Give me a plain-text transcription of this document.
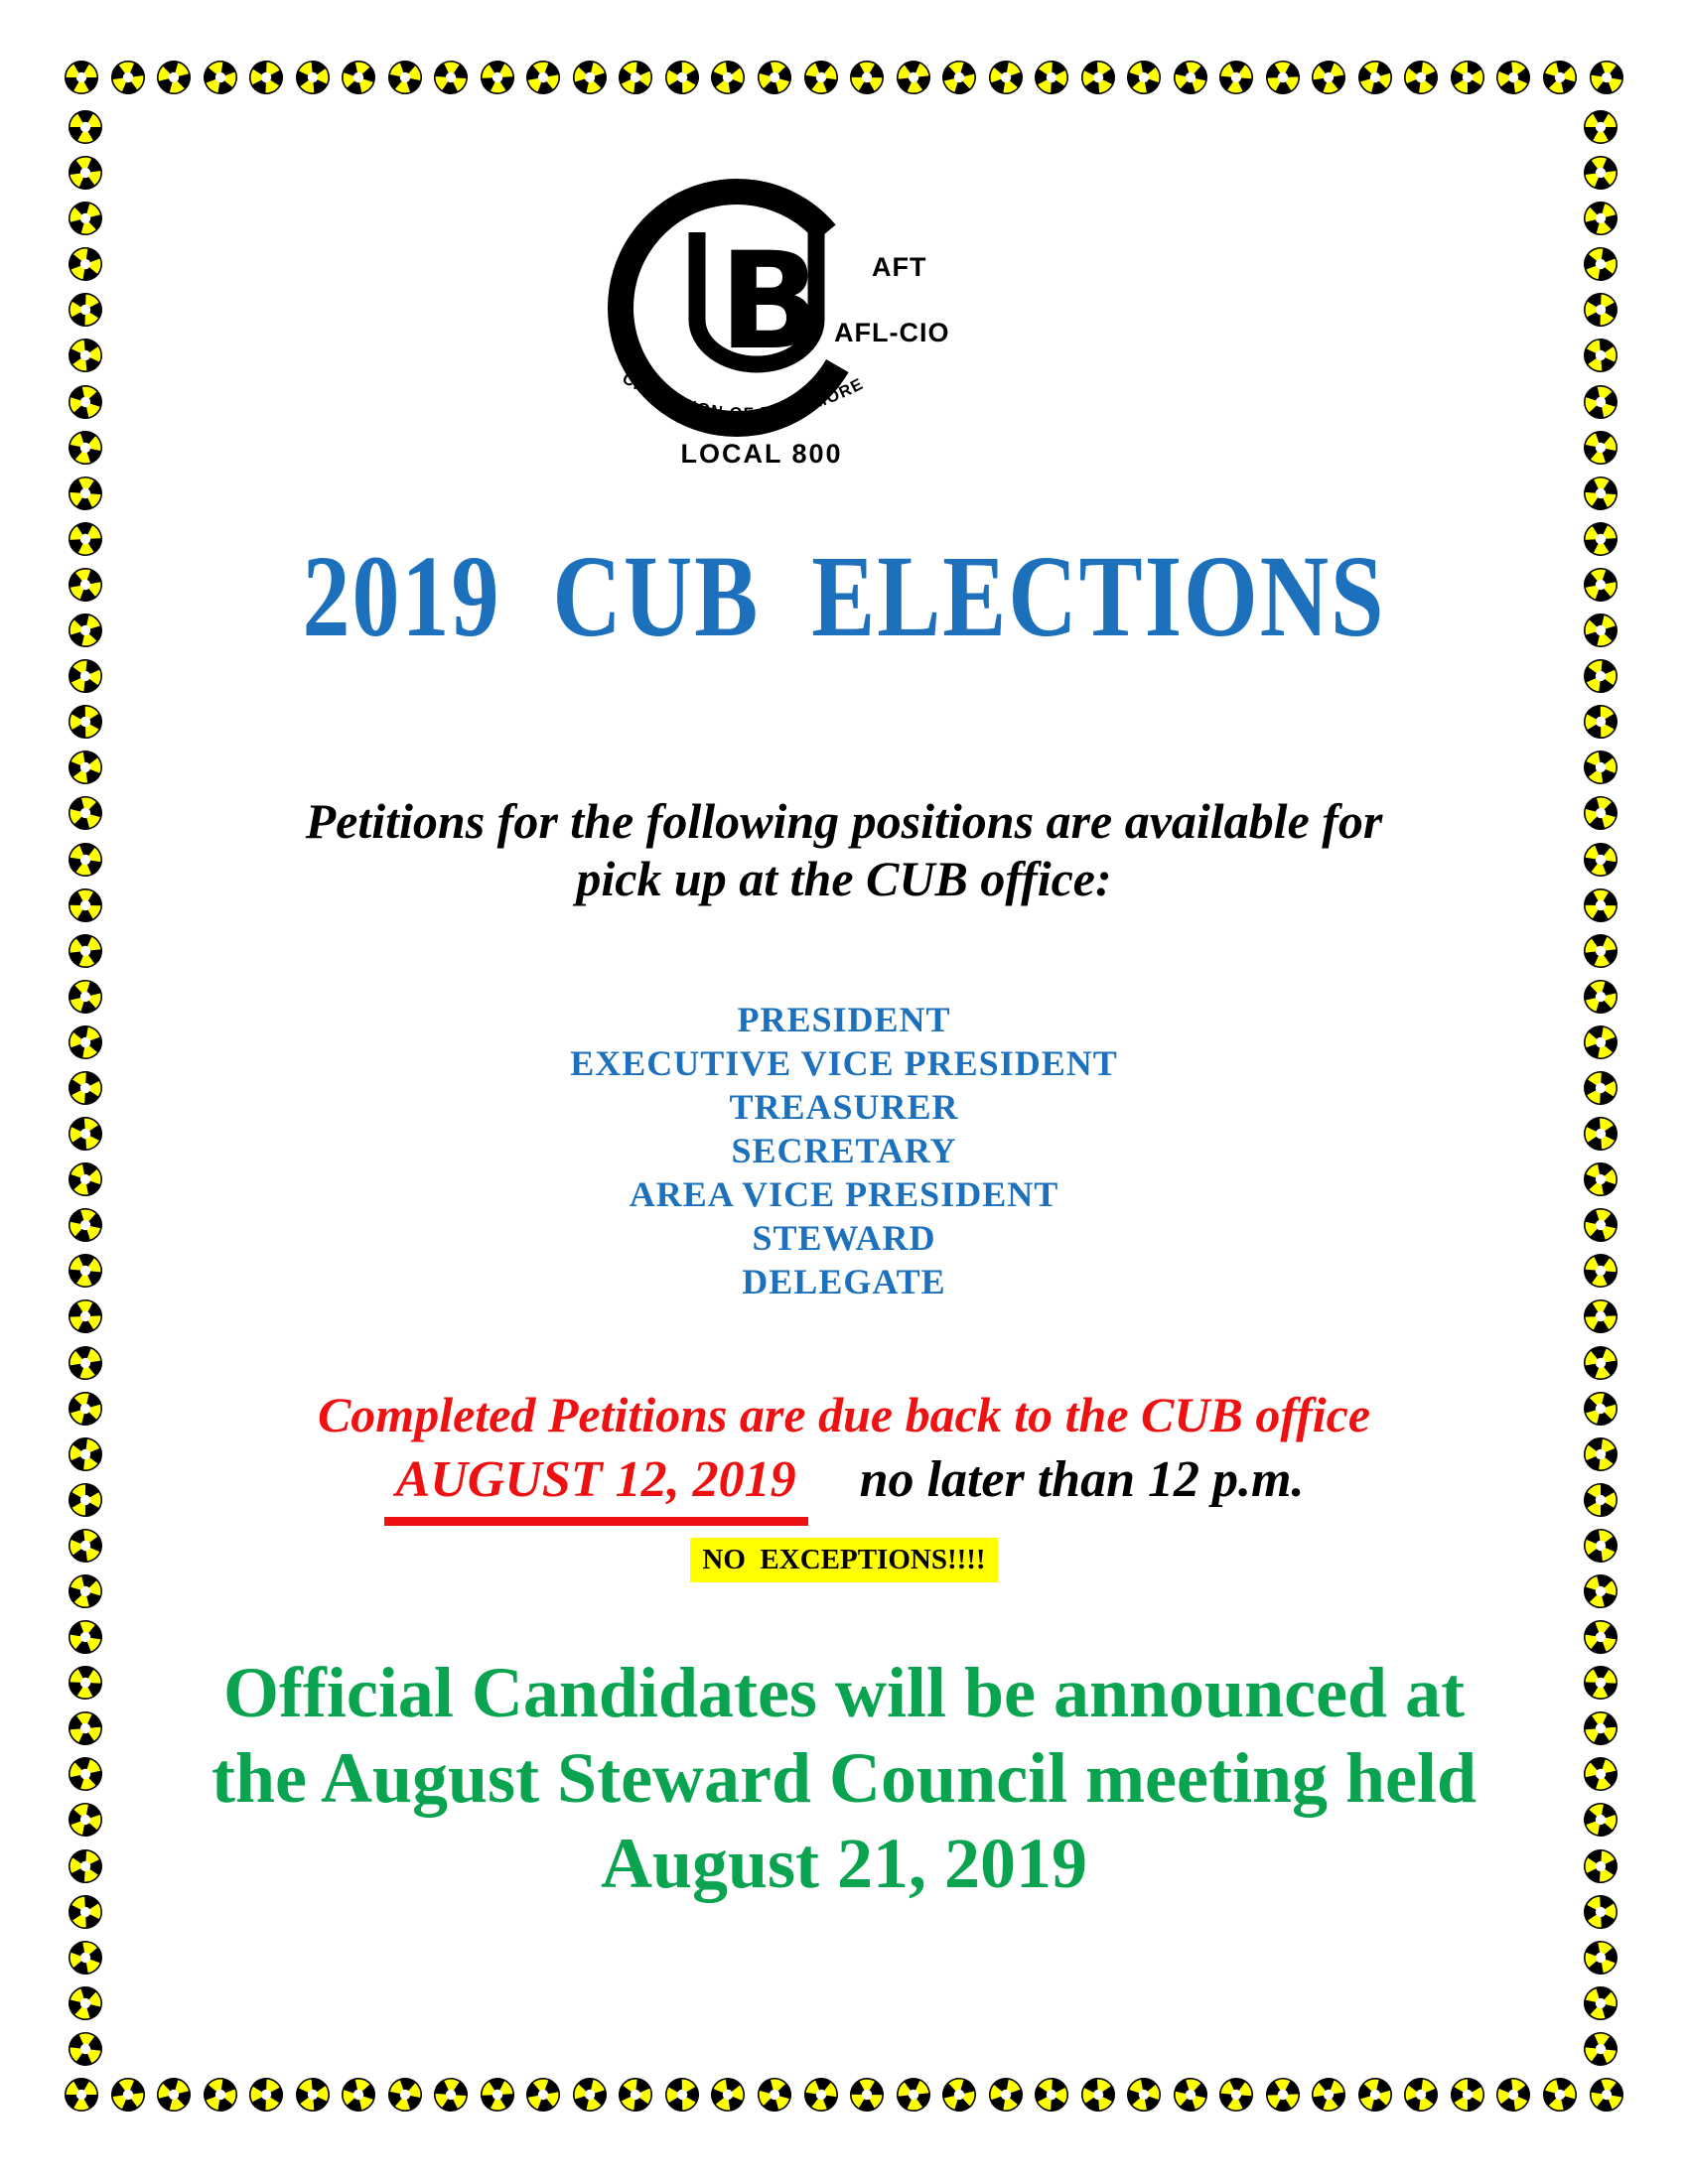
B AFT
AFL-CIO
CITY UNION OF BALTIMORE
LOCAL 800
2019 CUB ELECTIONS
Petitions for the following positions are available for
pick up at the CUB office:
PRESIDENT
EXECUTIVE VICE PRESIDENT
TREASURER
SECRETARY
AREA VICE PRESIDENT
STEWARD
DELEGATE
Completed Petitions are due back to the CUB office
AUGUST 12, 2019 no later than 12 p.m.
NO  EXCEPTIONS!!!!
Official Candidates will be announced at
the August Steward Council meeting held
August 21, 2019
